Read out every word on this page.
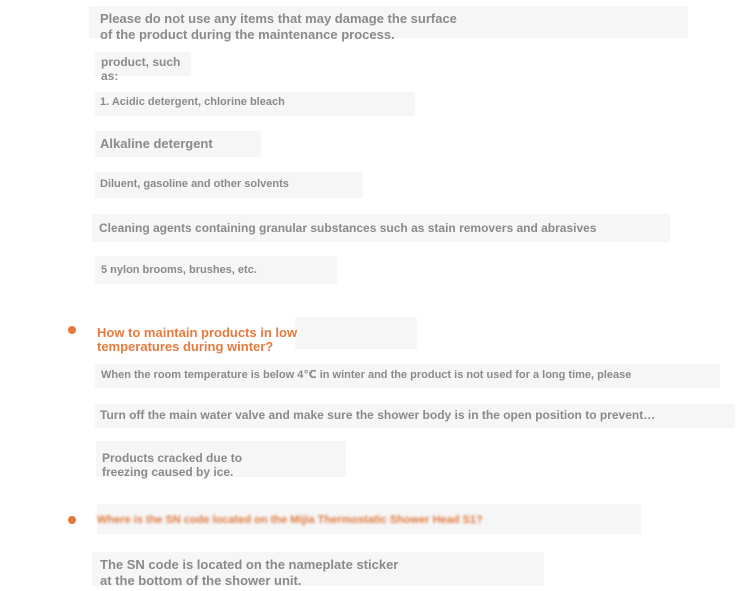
Please do not use any items that may damage the surface
of the product during the maintenance process.
product, such as:
1. Acidic detergent, chlorine bleach
Alkaline detergent
Diluent, gasoline and other solvents
Cleaning agents containing granular substances such as stain removers and abrasives
5 nylon brooms, brushes, etc.
How to maintain products in low
temperatures during winter?
When the room temperature is below 4℃ in winter and the product is not used for a long time, please
Turn off the main water valve and make sure the shower body is in the open position to prevent…
Products cracked due to
freezing caused by ice.
Where is the SN code located on the Mijia Thermostatic Shower Head S1?
The SN code is located on the nameplate sticker
at the bottom of the shower unit.
